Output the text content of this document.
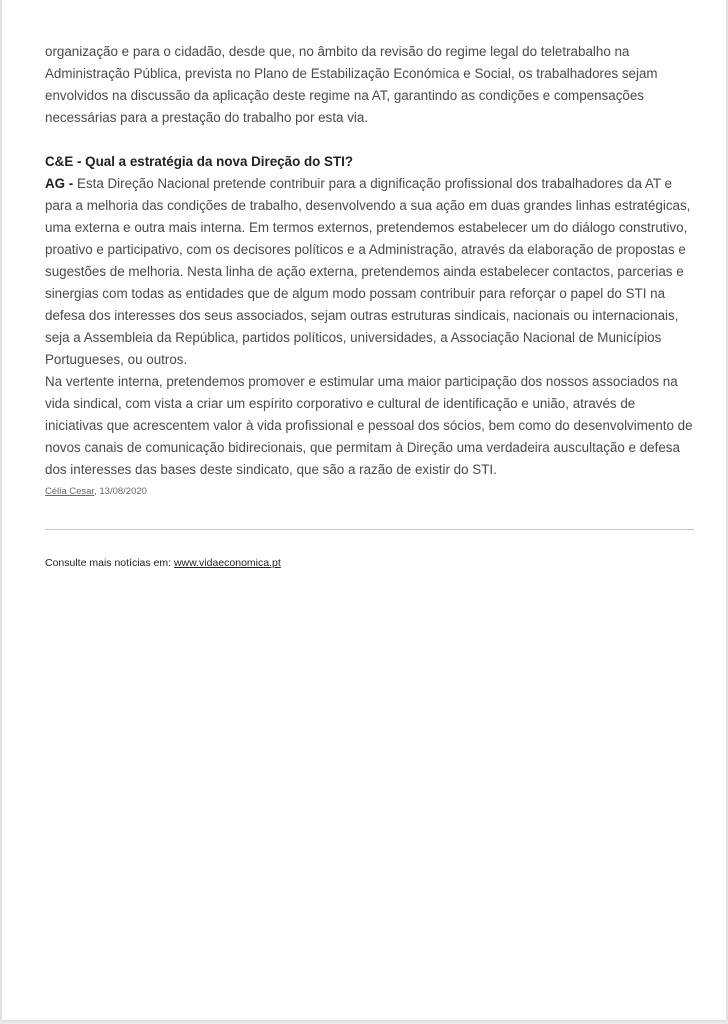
organização e para o cidadão, desde que, no âmbito da revisão do regime legal do teletrabalho na Administração Pública, prevista no Plano de Estabilização Económica e Social, os trabalhadores sejam envolvidos na discussão da aplicação deste regime na AT, garantindo as condições e compensações necessárias para a prestação do trabalho por esta via.

C&E - Qual a estratégia da nova Direção do STI?

AG - Esta Direção Nacional pretende contribuir para a dignificação profissional dos trabalhadores da AT e para a melhoria das condições de trabalho, desenvolvendo a sua ação em duas grandes linhas estratégicas, uma externa e outra mais interna. Em termos externos, pretendemos estabelecer um do diálogo construtivo, proativo e participativo, com os decisores políticos e a Administração, através da elaboração de propostas e sugestões de melhoria. Nesta linha de ação externa, pretendemos ainda estabelecer contactos, parcerias e sinergias com todas as entidades que de algum modo possam contribuir para reforçar o papel do STI na defesa dos interesses dos seus associados, sejam outras estruturas sindicais, nacionais ou internacionais, seja a Assembleia da República, partidos políticos, universidades, a Associação Nacional de Municípios Portugueses, ou outros.

Na vertente interna, pretendemos promover e estimular uma maior participação dos nossos associados na vida sindical, com vista a criar um espírito corporativo e cultural de identificação e união, através de iniciativas que acrescentem valor à vida profissional e pessoal dos sócios, bem como do desenvolvimento de novos canais de comunicação bidirecionais, que permitam à Direção uma verdadeira auscultação e defesa dos interesses das bases deste sindicato, que são a razão de existir do STI.

Célia Cesar, 13/08/2020
Consulte mais notícias em: www.vidaeconomica.pt
